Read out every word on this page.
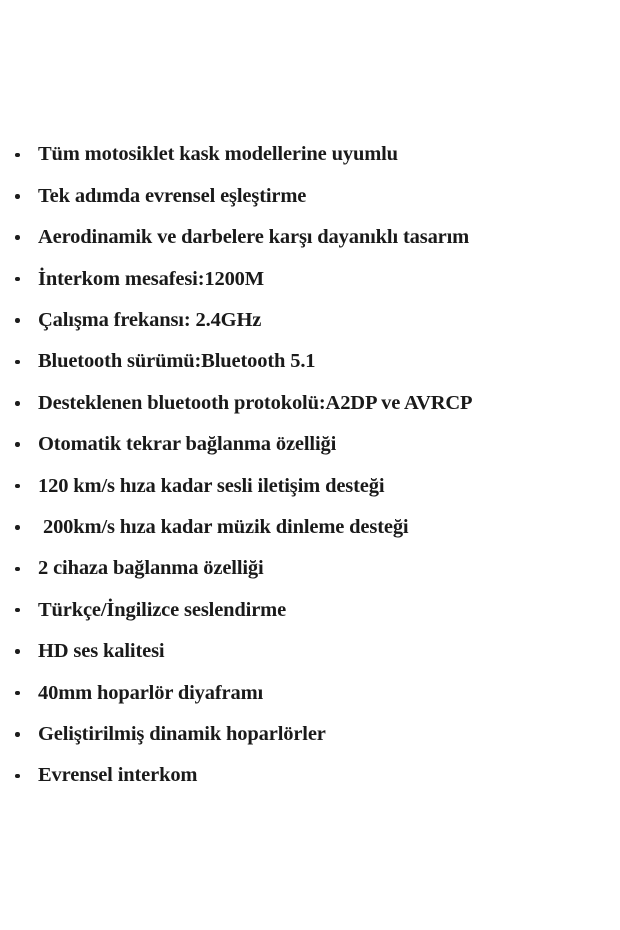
Tüm motosiklet kask modellerine uyumlu
Tek adımda evrensel eşleştirme
Aerodinamik ve darbelere karşı dayanıklı tasarım
İnterkom mesafesi:1200M
Çalışma frekansı: 2.4GHz
Bluetooth sürümü:Bluetooth 5.1
Desteklenen bluetooth protokolü:A2DP ve AVRCP
Otomatik tekrar bağlanma özelliği
120 km/s hıza kadar sesli iletişim desteği
200km/s hıza kadar müzik dinleme desteği
2 cihaza bağlanma özelliği
Türkçe/İngilizce seslendirme
HD ses kalitesi
40mm hoparlör diyaframı
Geliştirilmiş dinamik hoparlörler
Evrensel interkom
